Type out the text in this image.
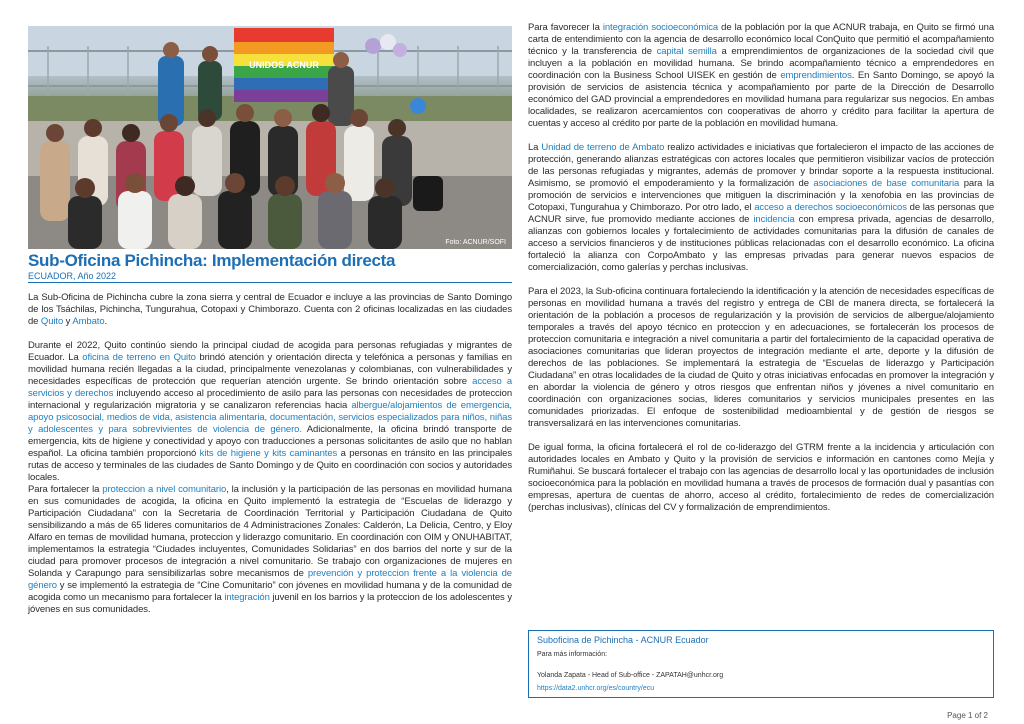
UNIDOS ACNUR
Foto: ACNUR/SOFI
Sub-Oficina Pichincha: Implementación directa
ECUADOR, Año 2022

La Sub-Oficina de Pichincha cubre la zona sierra y central de Ecuador e incluye a las provincias de Santo Domingo de los Tsáchilas, Pichincha, Tungurahua, Cotopaxi y Chimborazo. Cuenta con 2 oficinas localizadas en las ciudades de Quito y Ambato.

Durante el 2022, Quito continúo siendo la principal ciudad de acogida para personas refugiadas y migrantes de Ecuador. La oficina de terreno en Quito brindó atención y orientación directa y telefónica a personas y familias en movilidad humana recién llegadas a la ciudad, principalmente venezolanas y colombianas, con vulnerabilidades y necesidades específicas de protección que requerían atención urgente. Se brindo orientación sobre acceso a servicios y derechos incluyendo acceso al procedimiento de asilo para las personas con necesidades de proteccion internacional y regularización migratoria y se canalizaron referencias hacia albergue/alojamientos de emergencia, apoyo psicosocial, medios de vida, asistencia alimentaria, documentación, servicios especializados para niños, niñas y adolescentes y para sobrevivientes de violencia de género. Adicionalmente, la oficina brindó transporte de emergencia, kits de higiene y conectividad y apoyo con traducciones a personas solicitantes de asilo que no hablan español. La oficina también proporcionó kits de higiene y kits caminantes a personas en tránsito en las principales rutas de acceso y terminales de las ciudades de Santo Domingo y de Quito en coordinación con socios y autoridades locales.

Para fortalecer la proteccion a nivel comunitario, la inclusión y la participación de las personas en movilidad humana en sus comunidades de acogida, la oficina en Quito implementó la estrategia de “Escuelas de liderazgo y Participación Ciudadana” con la Secretaria de Coordinación Territorial y Participación Ciudadana de Quito sensibilizando a más de 65 lideres comunitarios de 4 Administraciones Zonales: Calderón, La Delicia, Centro, y Eloy Alfaro en temas de movilidad humana, proteccion y liderazgo comunitario. En coordinación con OIM y ONUHABITAT, implementamos la estrategia “Ciudades incluyentes, Comunidades Solidarias” en dos barrios del norte y sur de la ciudad para promover procesos de integración a nivel comunitario. Se trabajo con organizaciones de mujeres en Solanda y Carapungo para sensibilizarlas sobre mecanismos de prevención y proteccion frente a la violencia de género y se implementó la estrategia de “Cine Comunitario” con jóvenes en movilidad humana y de la comunidad de acogida como un mecanismo para fortalecer la integración juvenil en los barrios y la proteccion de los adolescentes y jóvenes en sus comunidades.

Para favorecer la integración socioeconómica de la población por la que ACNUR trabaja, en Quito se firmó una carta de entendimiento con la agencia de desarrollo económico local ConQuito que permitió el acompañamiento técnico y la transferencia de capital semilla a emprendimientos de organizaciones de la sociedad civil que incluyen a la población en movilidad humana. Se brindo acompañamiento técnico a emprendedores en coordinación con la Business School UISEK en gestión de emprendimientos. En Santo Domingo, se apoyó la provisión de servicios de asistencia técnica y acompañamiento por parte de la Dirección de Desarrollo económico del GAD provincial a emprendedores en movilidad humana para regularizar sus negocios. En ambas localidades, se realizaron acercamientos con cooperativas de ahorro y crédito para facilitar la apertura de cuentas y acceso al crédito por parte de la población en movilidad humana.

La Unidad de terreno de Ambato realizo actividades e iniciativas que fortalecieron el impacto de las acciones de protección, generando alianzas estratégicas con actores locales que permitieron visibilizar vacíos de protección de las personas refugiadas y migrantes, además de promover y brindar soporte a la respuesta institucional. Asimismo, se promovió el empoderamiento y la formalización de asociaciones de base comunitaria para la promoción de servicios e intervenciones que mitiguen la discriminación y la xenofobia en las provincias de Cotopaxi, Tungurahua y Chimborazo. Por otro lado, el acceso a derechos socioeconómicos de las personas que ACNUR sirve, fue promovido mediante acciones de incidencia con empresa privada, agencias de desarrollo, alianzas con gobiernos locales y fortalecimiento de actividades comunitarias para la difusión de canales de acceso a servicios financieros y de instituciones públicas relacionadas con el desarrollo económico. La oficina fortaleció la alianza con CorpoAmbato y las empresas privadas para generar nuevos espacios de comercialización, como galerías y perchas inclusivas.

Para el 2023, la Sub-oficina continuara fortaleciendo la identificación y la atención de necesidades específicas de personas en movilidad humana a través del registro y entrega de CBI de manera directa, se fortalecerá la orientación de la población a procesos de regularización y la provisión de servicios de albergue/alojamiento temporales a través del apoyo técnico en proteccion y en adecuaciones, se fortalecerán los procesos de proteccion comunitaria e integración a nivel comunitaria a partir del fortalecimiento de la capacidad operativa de asociaciones comunitarias que lideran proyectos de integración mediante el arte, deporte y la difusión de derechos de las poblaciones. Se implementará la estrategia de “Escuelas de liderazgo y Participación Ciudadana” en otras localidades de la ciudad de Quito y otras iniciativas enfocadas en promover la integración y en abordar la violencia de género y otros riesgos que enfrentan niños y jóvenes a nivel comunitario en coordinación con organizaciones socias, lideres comunitarios y servicios municipales presentes en las comunidades priorizadas. El enfoque de sostenibilidad medioambiental y de gestión de riesgos se transversalizará en las intervenciones comunitarias.

De igual forma, la oficina fortalecerá el rol de co-liderazgo del GTRM frente a la incidencia y articulación con autoridades locales en Ambato y Quito y la provisión de servicios e información en cantones como Mejía y Rumiñahui. Se buscará fortalecer el trabajo con las agencias de desarrollo local y las oportunidades de inclusión socioeconómica para la población en movilidad humana a través de procesos de formación dual y pasantías con empresas, apertura de cuentas de ahorro, acceso al crédito, fortalecimiento de redes de comercialización (perchas inclusivas), clínicas del CV y formalización de emprendimientos.

Suboficina de Pichincha - ACNUR Ecuador
Para más información:
Yolanda Zapata - Head of Sub-office - ZAPATAH@unhcr.org
https://data2.unhcr.org/es/country/ecu
Page 1 of 2
